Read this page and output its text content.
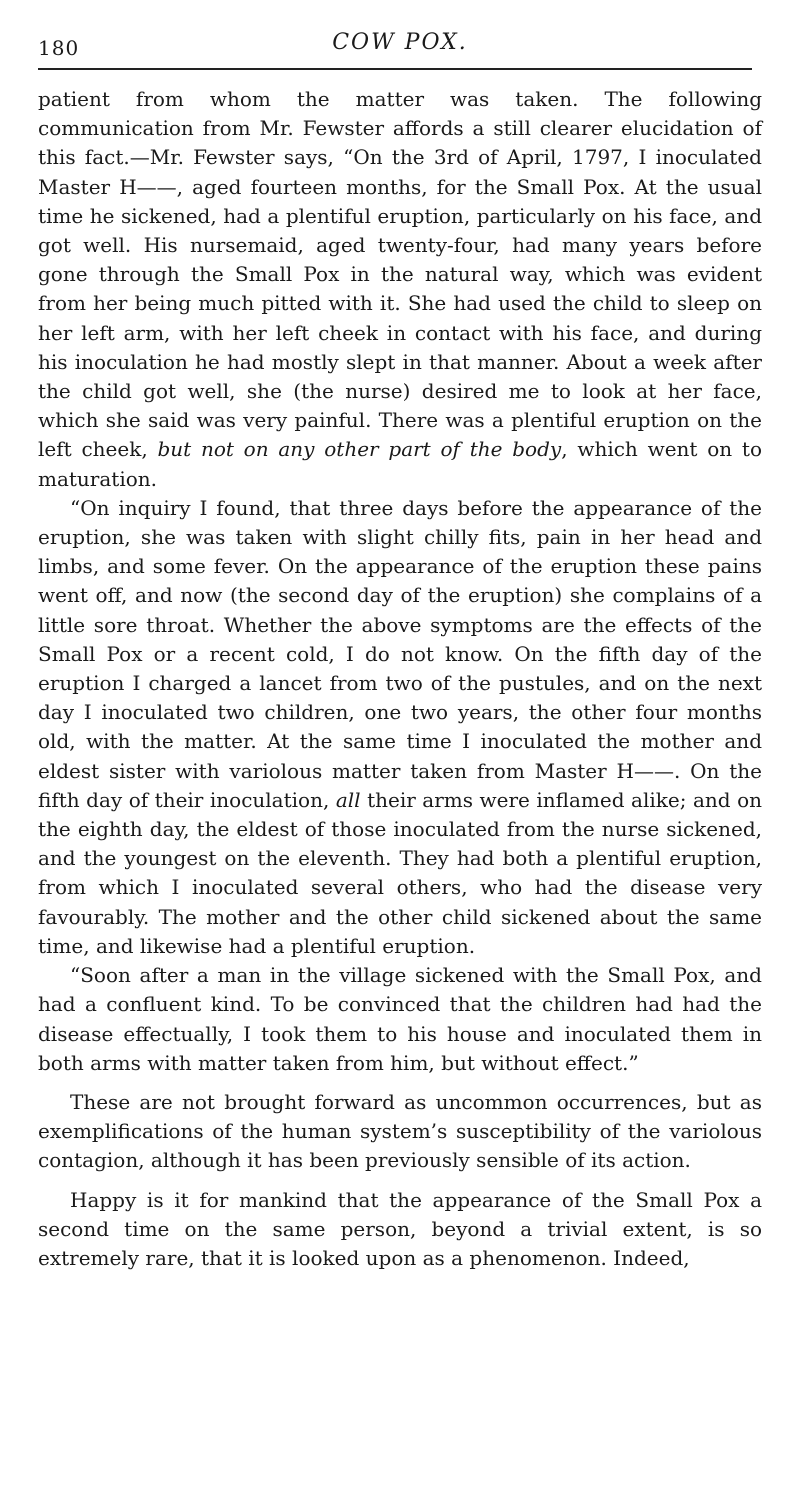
180	COW POX.

patient from whom the matter was taken. The following communication from Mr. Fewster affords a still clearer elucidation of this fact.—Mr. Fewster says, “On the 3rd of April, 1797, I inoculated Master H——, aged fourteen months, for the Small Pox. At the usual time he sickened, had a plentiful eruption, particularly on his face, and got well. His nursemaid, aged twenty-four, had many years before gone through the Small Pox in the natural way, which was evident from her being much pitted with it. She had used the child to sleep on her left arm, with her left cheek in contact with his face, and during his inoculation he had mostly slept in that manner. About a week after the child got well, she (the nurse) desired me to look at her face, which she said was very painful. There was a plentiful eruption on the left cheek, but not on any other part of the body, which went on to maturation.

“On inquiry I found, that three days before the appearance of the eruption, she was taken with slight chilly fits, pain in her head and limbs, and some fever. On the appearance of the eruption these pains went off, and now (the second day of the eruption) she complains of a little sore throat. Whether the above symptoms are the effects of the Small Pox or a recent cold, I do not know. On the fifth day of the eruption I charged a lancet from two of the pustules, and on the next day I inoculated two children, one two years, the other four months old, with the matter. At the same time I inoculated the mother and eldest sister with variolous matter taken from Master H——. On the fifth day of their inoculation, all their arms were inflamed alike; and on the eighth day, the eldest of those inoculated from the nurse sickened, and the youngest on the eleventh. They had both a plentiful eruption, from which I inoculated several others, who had the disease very favourably. The mother and the other child sickened about the same time, and likewise had a plentiful eruption.

“Soon after a man in the village sickened with the Small Pox, and had a confluent kind. To be convinced that the children had had the disease effectually, I took them to his house and inoculated them in both arms with matter taken from him, but without effect.”

These are not brought forward as uncommon occurrences, but as exemplifications of the human system’s susceptibility of the variolous contagion, although it has been previously sensible of its action.

Happy is it for mankind that the appearance of the Small Pox a second time on the same person, beyond a trivial extent, is so extremely rare, that it is looked upon as a phenomenon. Indeed,
